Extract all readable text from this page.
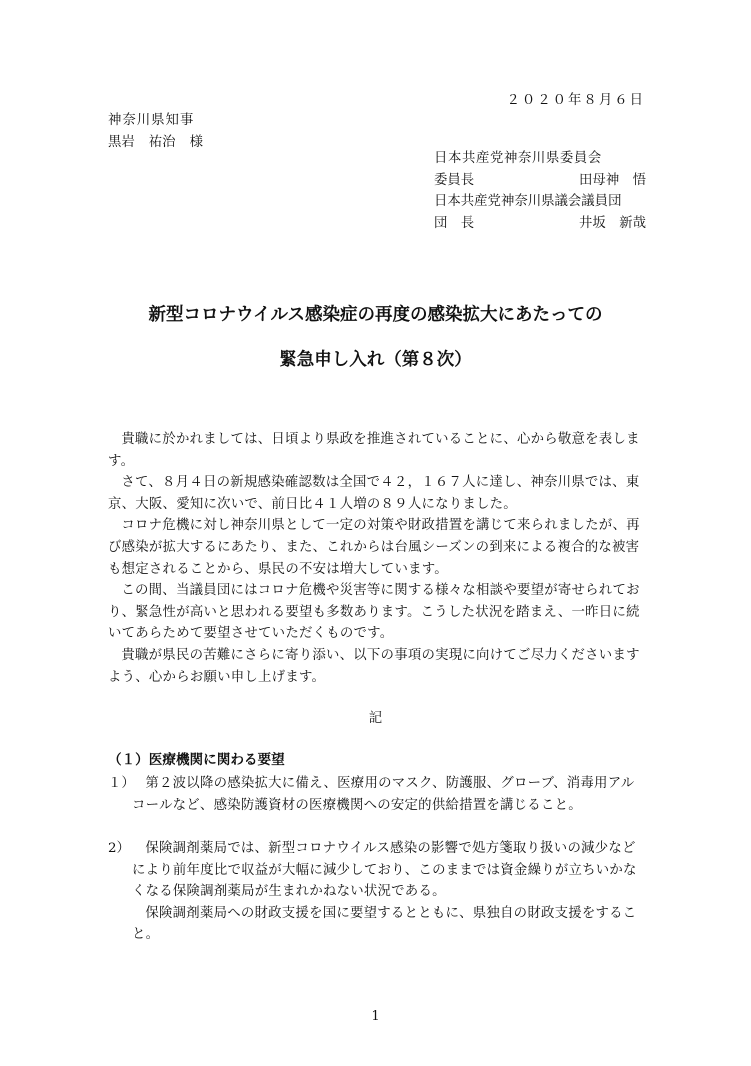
２０２０年８月６日
神奈川県知事
黒岩 祐治 様
日本共産党神奈川県委員会
委員長	田母神　悟
日本共産党神奈川県議会議員団
団　長	井坂　新哉
新型コロナウイルス感染症の再度の感染拡大にあたっての
緊急申し入れ（第８次）

貴職に於かれましては、日頃より県政を推進されていることに、心から敬意を表します。

さて、８月４日の新規感染確認数は全国で４２，１６７人に達し、神奈川県では、東京、大阪、愛知に次いで、前日比４１人増の８９人になりました。

コロナ危機に対し神奈川県として一定の対策や財政措置を講じて来られましたが、再び感染が拡大するにあたり、また、これからは台風シーズンの到来による複合的な被害も想定されることから、県民の不安は増大しています。

この間、当議員団にはコロナ危機や災害等に関する様々な相談や要望が寄せられており、緊急性が高いと思われる要望も多数あります。こうした状況を踏まえ、一昨日に続いてあらためて要望させていただくものです。

貴職が県民の苦難にさらに寄り添い、以下の事項の実現に向けてご尽力くださいますよう、心からお願い申し上げます。

記
（１）医療機関に関わる要望
１） 第２波以降の感染拡大に備え、医療用のマスク、防護服、グローブ、消毒用アルコールなど、感染防護資材の医療機関への安定的供給措置を講じること。
2）	保険調剤薬局では、新型コロナウイルス感染の影響で処方箋取り扱いの減少などにより前年度比で収益が大幅に減少しており、このままでは資金繰りが立ちいかなくなる保険調剤薬局が生まれかねない状況である。
保険調剤薬局への財政支援を国に要望するとともに、県独自の財政支援をすること。
1
